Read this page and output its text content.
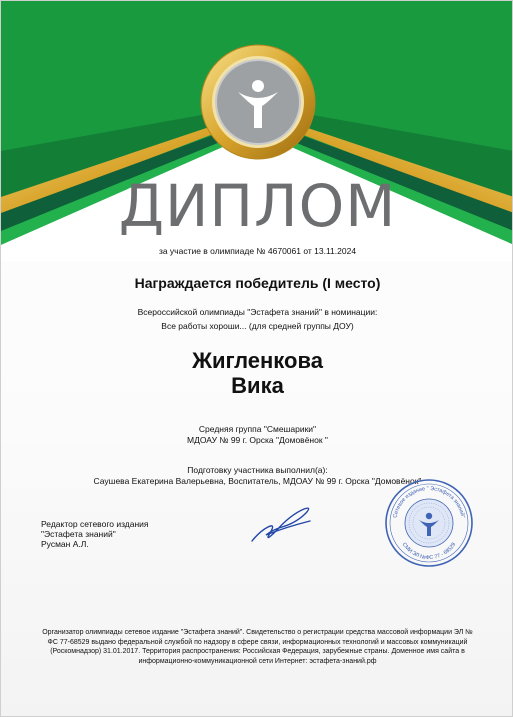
ДИПЛОМ
за участие в олимпиаде № 4670061 от 13.11.2024
Награждается победитель (I место)
Всероссийской олимпиады "Эстафета знаний" в номинации:
Все работы хороши... (для средней группы ДОУ)
Жигленкова
Вика
Средняя группа "Смешарики"
МДОАУ № 99 г. Орска "Домовёнок "
Подготовку участника выполнил(а):
Саушева Екатерина Валерьевна, Воспитатель, МДОАУ № 99 г. Орска "Домовёнок"
Редактор сетевого издания
"Эстафета знаний"
Русман А.Л.
Сетевое издание " Эстафета знаний"
СМИ ЭЛ №ФС 77 - 68529
Организатор олимпиады сетевое издание "Эстафета знаний". Свидетельство о регистрации средства массовой информации ЭЛ № ФС 77-68529 выдано федеральной службой по надзору в сфере связи, информационных технологий и массовых коммуникаций (Роскомнадзор) 31.01.2017. Территория распространения: Российская Федерация, зарубежные страны. Доменное имя сайта в информационно-коммуникационной сети Интернет: эстафета-знаний.рф
